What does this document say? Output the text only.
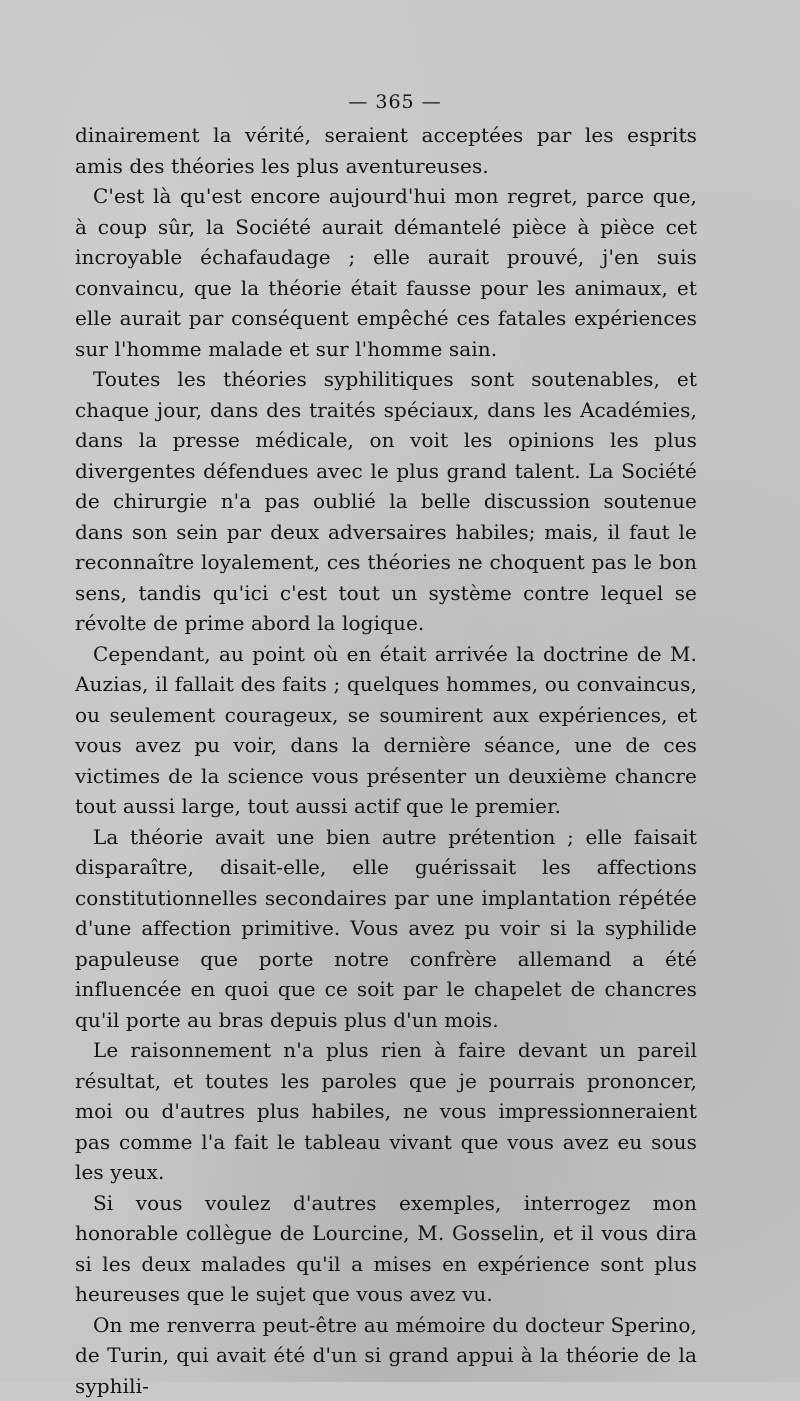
— 365 —

dinairement la vérité, seraient acceptées par les esprits amis des théories les plus aventureuses.

C'est là qu'est encore aujourd'hui mon regret, parce que, à coup sûr, la Société aurait démantelé pièce à pièce cet incroyable échafaudage ; elle aurait prouvé, j'en suis convaincu, que la théorie était fausse pour les animaux, et elle aurait par conséquent empêché ces fatales expériences sur l'homme malade et sur l'homme sain.

Toutes les théories syphilitiques sont soutenables, et chaque jour, dans des traités spéciaux, dans les Académies, dans la presse médicale, on voit les opinions les plus divergentes défendues avec le plus grand talent. La Société de chirurgie n'a pas oublié la belle discussion soutenue dans son sein par deux adversaires habiles; mais, il faut le reconnaître loyalement, ces théories ne choquent pas le bon sens, tandis qu'ici c'est tout un système contre lequel se révolte de prime abord la logique.

Cependant, au point où en était arrivée la doctrine de M. Auzias, il fallait des faits ; quelques hommes, ou convaincus, ou seulement courageux, se soumirent aux expériences, et vous avez pu voir, dans la dernière séance, une de ces victimes de la science vous présenter un deuxième chancre tout aussi large, tout aussi actif que le premier.

La théorie avait une bien autre prétention ; elle faisait disparaître, disait-elle, elle guérissait les affections constitutionnelles secondaires par une implantation répétée d'une affection primitive. Vous avez pu voir si la syphilide papuleuse que porte notre confrère allemand a été influencée en quoi que ce soit par le chapelet de chancres qu'il porte au bras depuis plus d'un mois.

Le raisonnement n'a plus rien à faire devant un pareil résultat, et toutes les paroles que je pourrais prononcer, moi ou d'autres plus habiles, ne vous impressionneraient pas comme l'a fait le tableau vivant que vous avez eu sous les yeux.

Si vous voulez d'autres exemples, interrogez mon honorable collègue de Lourcine, M. Gosselin, et il vous dira si les deux malades qu'il a mises en expérience sont plus heureuses que le sujet que vous avez vu.

On me renverra peut-être au mémoire du docteur Sperino, de Turin, qui avait été d'un si grand appui à la théorie de la syphili-
